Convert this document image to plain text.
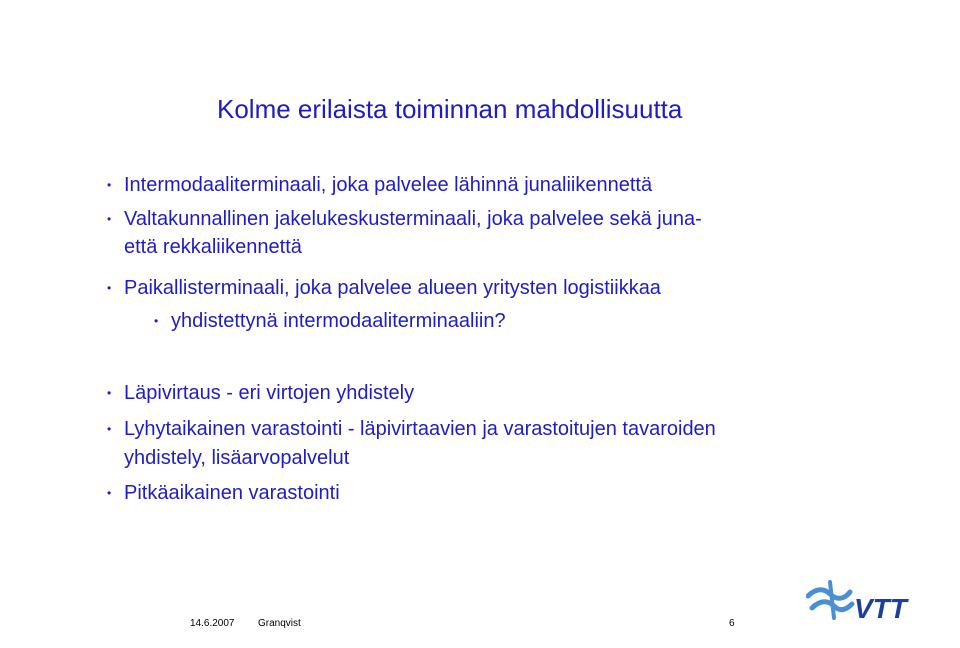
Kolme erilaista toiminnan mahdollisuutta
• Intermodaaliterminaali, joka palvelee lähinnä junaliikennettä
• Valtakunnallinen jakelukeskusterminaali, joka palvelee sekä juna-
että rekkaliikennettä
• Paikallisterminaali, joka palvelee alueen yritysten logistiikkaa
• yhdistettynä intermodaaliterminaaliin?
• Läpivirtaus - eri virtojen yhdistely
• Lyhytaikainen varastointi - läpivirtaavien ja varastoitujen tavaroiden
yhdistely, lisäarvopalvelut
• Pitkäaikainen varastointi
14.6.2007 Granqvist	6	VTT
